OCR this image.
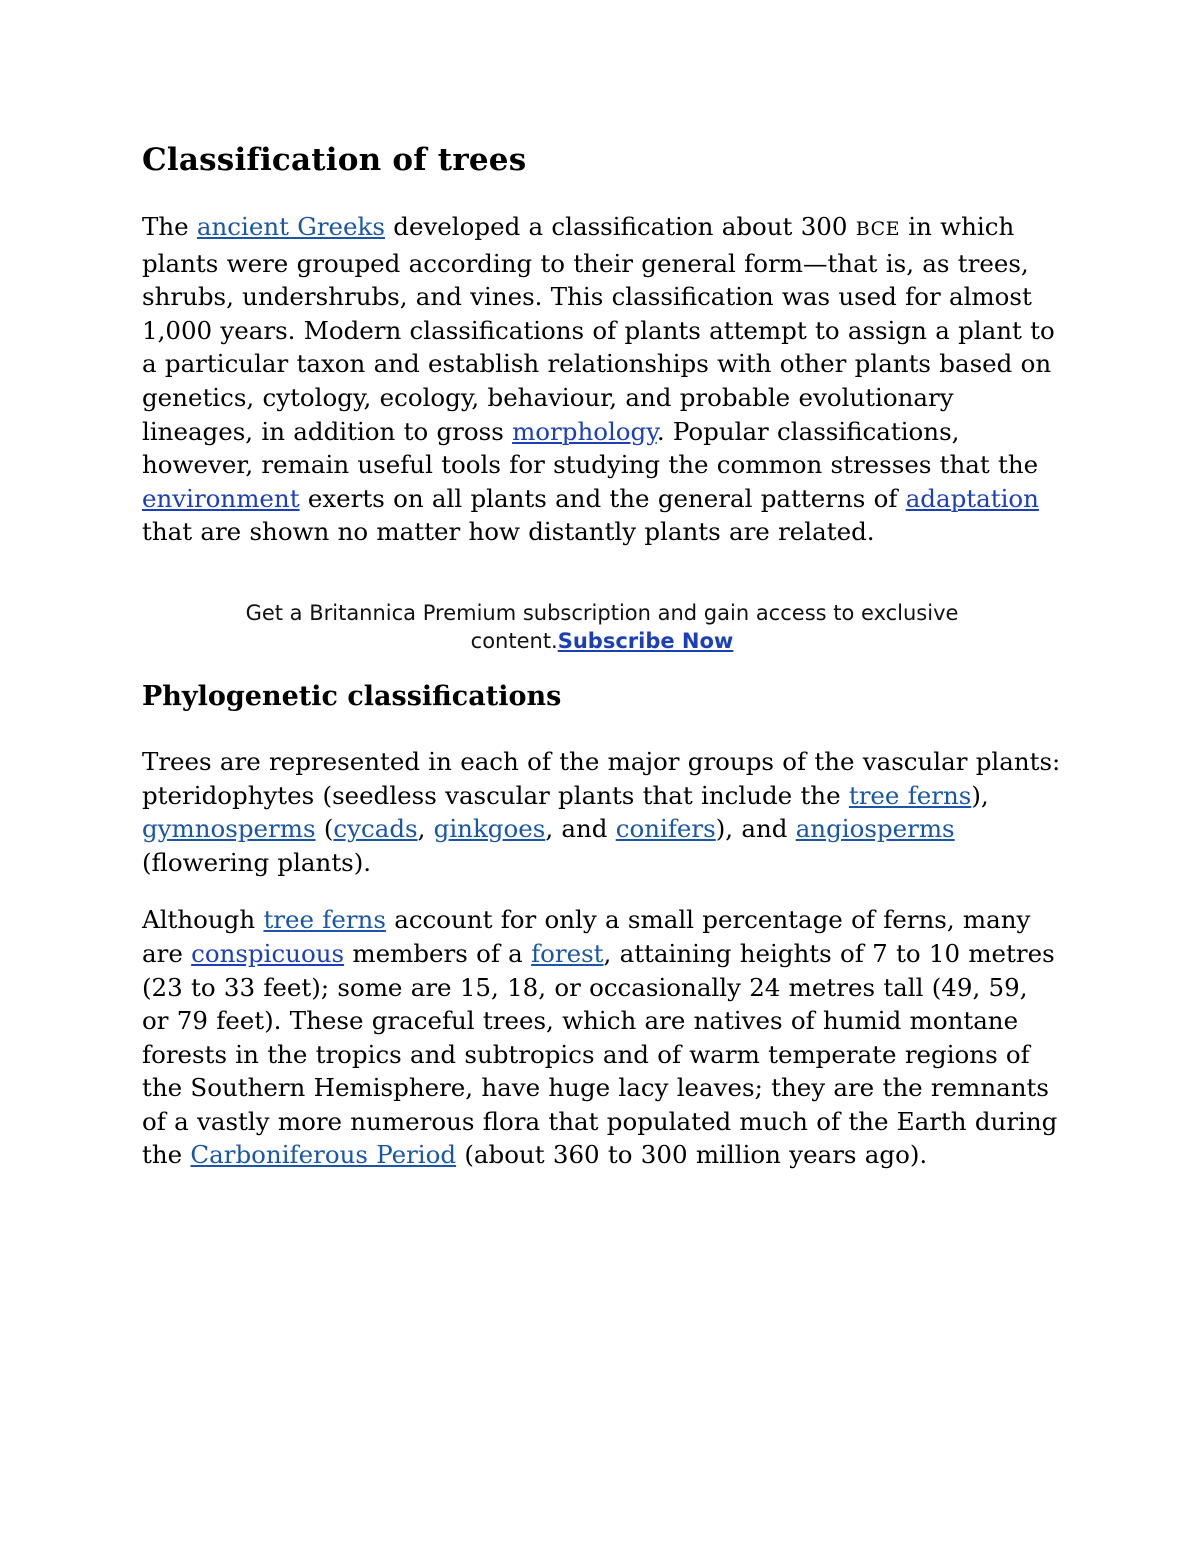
Classification of trees

The ancient Greeks developed a classification about 300 BCE in which plants were grouped according to their general form—that is, as trees, shrubs, undershrubs, and vines. This classification was used for almost 1,000 years. Modern classifications of plants attempt to assign a plant to a particular taxon and establish relationships with other plants based on genetics, cytology, ecology, behaviour, and probable evolutionary lineages, in addition to gross morphology. Popular classifications, however, remain useful tools for studying the common stresses that the environment exerts on all plants and the general patterns of adaptation that are shown no matter how distantly plants are related.

Get a Britannica Premium subscription and gain access to exclusive content.Subscribe Now
Phylogenetic classifications

Trees are represented in each of the major groups of the vascular plants: pteridophytes (seedless vascular plants that include the tree ferns), gymnosperms (cycads, ginkgoes, and conifers), and angiosperms (flowering plants).

Although tree ferns account for only a small percentage of ferns, many are conspicuous members of a forest, attaining heights of 7 to 10 metres (23 to 33 feet); some are 15, 18, or occasionally 24 metres tall (49, 59, or 79 feet). These graceful trees, which are natives of humid montane forests in the tropics and subtropics and of warm temperate regions of the Southern Hemisphere, have huge lacy leaves; they are the remnants of a vastly more numerous flora that populated much of the Earth during the Carboniferous Period (about 360 to 300 million years ago).
